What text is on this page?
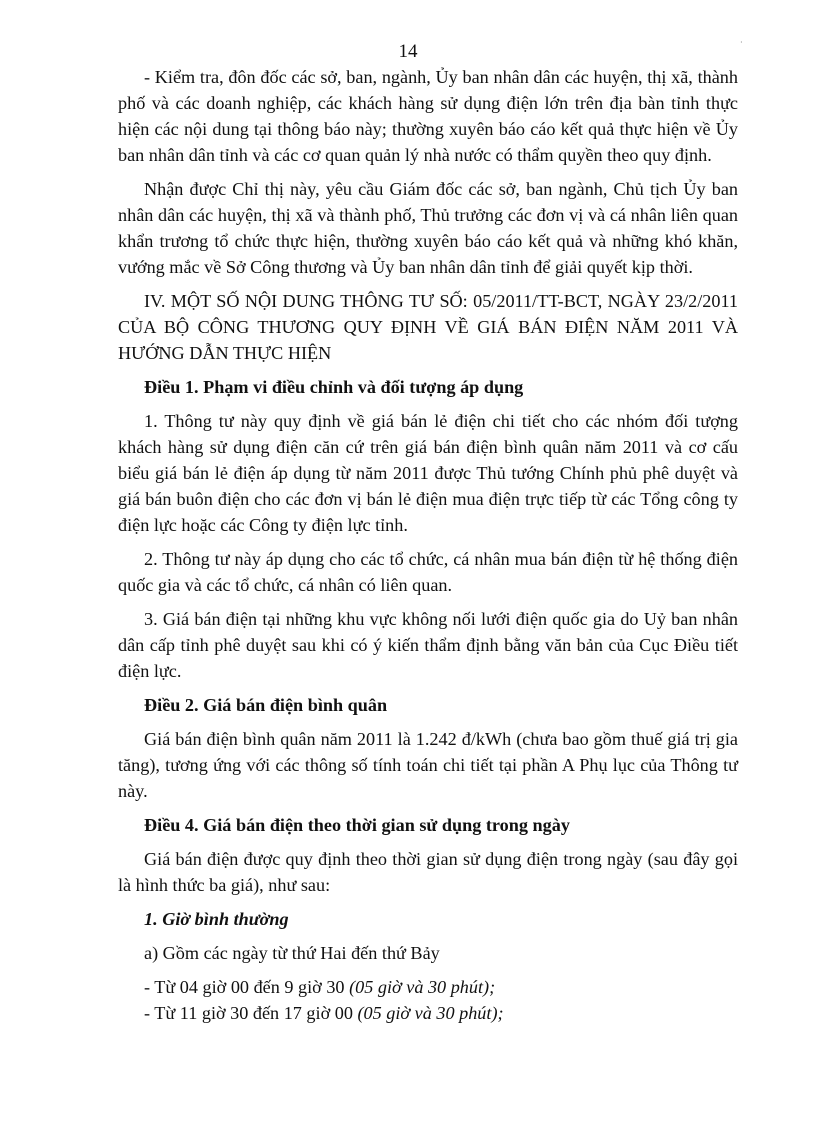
14

- Kiểm tra, đôn đốc các sở, ban, ngành, Ủy ban nhân dân các huyện, thị xã, thành phố và các doanh nghiệp, các khách hàng sử dụng điện lớn trên địa bàn tỉnh thực hiện các nội dung tại thông báo này; thường xuyên báo cáo kết quả thực hiện về Ủy ban nhân dân tỉnh và các cơ quan quản lý nhà nước có thẩm quyền theo quy định.

Nhận được Chỉ thị này, yêu cầu Giám đốc các sở, ban ngành, Chủ tịch Ủy ban nhân dân các huyện, thị xã và thành phố, Thủ trưởng các đơn vị và cá nhân liên quan khẩn trương tổ chức thực hiện, thường xuyên báo cáo kết quả và những khó khăn, vướng mắc về Sở Công thương và Ủy ban nhân dân tỉnh để giải quyết kịp thời.

IV. MỘT SỐ NỘI DUNG THÔNG TƯ SỐ: 05/2011/TT-BCT, NGÀY 23/2/2011 CỦA BỘ CÔNG THƯƠNG QUY ĐỊNH VỀ GIÁ BÁN ĐIỆN NĂM 2011 VÀ HƯỚNG DẪN THỰC HIỆN

Điều 1. Phạm vi điều chỉnh và đối tượng áp dụng

1. Thông tư này quy định về giá bán lẻ điện chi tiết cho các nhóm đối tượng khách hàng sử dụng điện căn cứ trên giá bán điện bình quân năm 2011 và cơ cấu biểu giá bán lẻ điện áp dụng từ năm 2011 được Thủ tướng Chính phủ phê duyệt và giá bán buôn điện cho các đơn vị bán lẻ điện mua điện trực tiếp từ các Tổng công ty điện lực hoặc các Công ty điện lực tỉnh.

2. Thông tư này áp dụng cho các tổ chức, cá nhân mua bán điện từ hệ thống điện quốc gia và các tổ chức, cá nhân có liên quan.

3. Giá bán điện tại những khu vực không nối lưới điện quốc gia do Uỷ ban nhân dân cấp tỉnh phê duyệt sau khi có ý kiến thẩm định bằng văn bản của Cục Điều tiết điện lực.

Điều 2. Giá bán điện bình quân

Giá bán điện bình quân năm 2011 là 1.242 đ/kWh (chưa bao gồm thuế giá trị gia tăng), tương ứng với các thông số tính toán chi tiết tại phần A Phụ lục của Thông tư này.

Điều 4. Giá bán điện theo thời gian sử dụng trong ngày

Giá bán điện được quy định theo thời gian sử dụng điện trong ngày (sau đây gọi là hình thức ba giá), như sau:

1. Giờ bình thường

a) Gồm các ngày từ thứ Hai đến thứ Bảy

- Từ 04 giờ 00 đến 9 giờ 30 (05 giờ và 30 phút);

- Từ 11 giờ 30 đến 17 giờ 00 (05 giờ và 30 phút);

·
